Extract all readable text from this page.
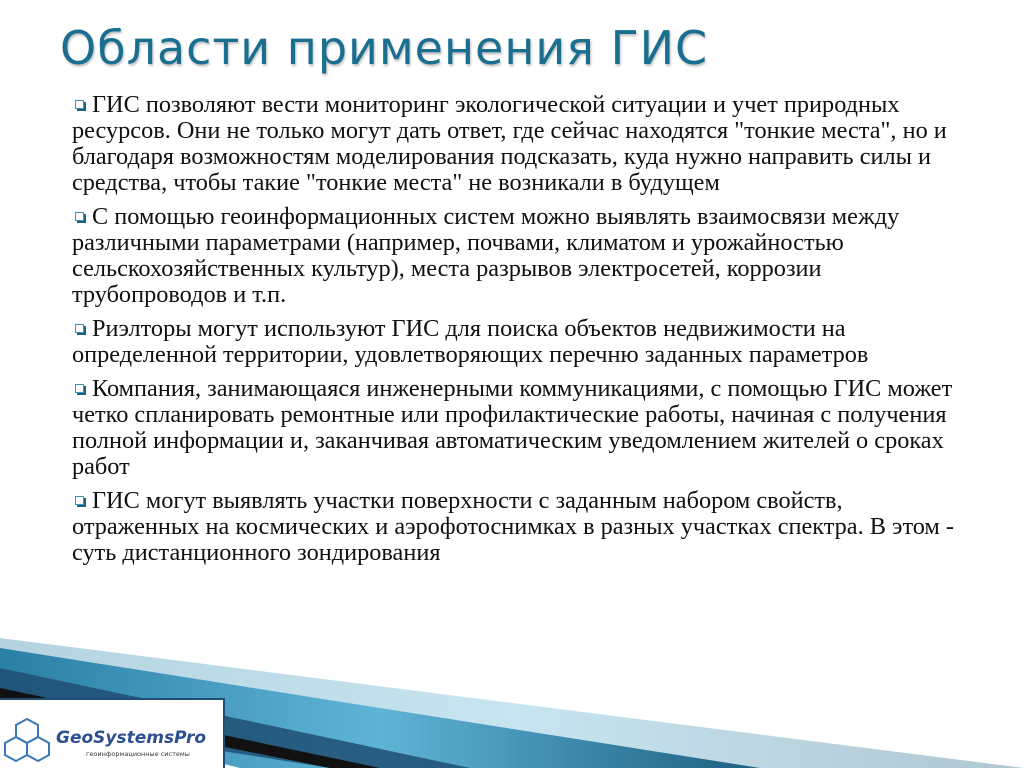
Области применения ГИС
ГИС позволяют вести мониторинг экологической ситуации и учет природных ресурсов. Они не только могут дать ответ, где сейчас находятся "тонкие места", но и благодаря возможностям моделирования подсказать, куда нужно направить силы и средства, чтобы такие "тонкие места" не возникали в будущем
С помощью геоинформационных систем можно выявлять взаимосвязи между различными параметрами (например, почвами, климатом и урожайностью сельскохозяйственных культур), места разрывов электросетей, коррозии трубопроводов и т.п.
Риэлторы могут используют ГИС для поиска объектов недвижимости на определенной территории, удовлетворяющих перечню заданных параметров
Компания, занимающаяся инженерными коммуникациями, с помощью ГИС может четко спланировать ремонтные или профилактические работы, начиная с получения полной информации и, заканчивая автоматическим уведомлением жителей о сроках работ
ГИС могут выявлять участки поверхности с заданным набором свойств, отраженных на космических и аэрофотоснимках в разных участках спектра. В этом - суть дистанционного зондирования
GeoSystemsPro
геоинформационные системы
